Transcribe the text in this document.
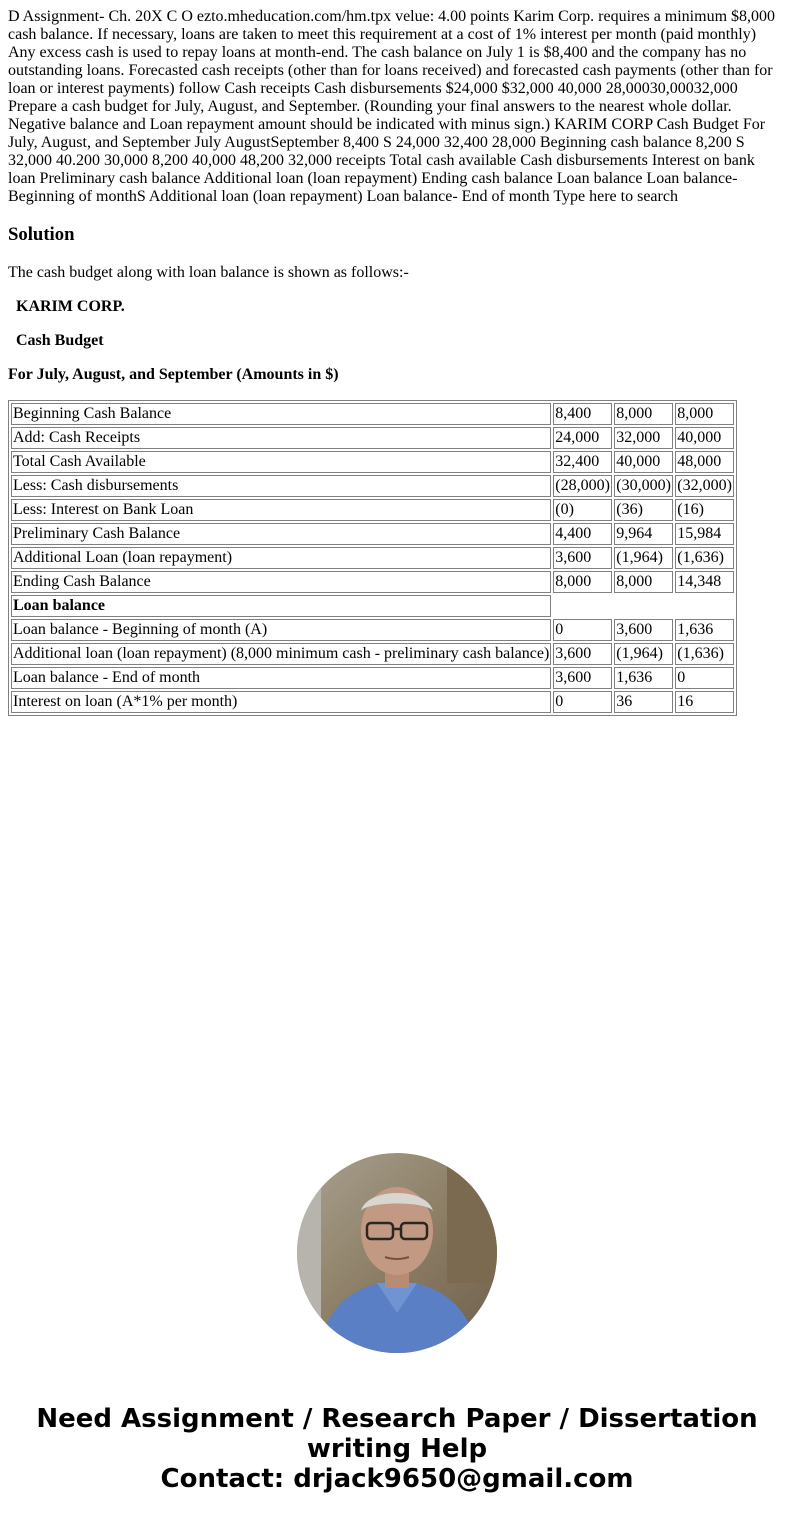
D Assignment- Ch. 20X C O ezto.mheducation.com/hm.tpx velue: 4.00 points Karim Corp. requires a minimum $8,000 cash balance. If necessary, loans are taken to meet this requirement at a cost of 1% interest per month (paid monthly) Any excess cash is used to repay loans at month-end. The cash balance on July 1 is $8,400 and the company has no outstanding loans. Forecasted cash receipts (other than for loans received) and forecasted cash payments (other than for loan or interest payments) follow Cash receipts Cash disbursements $24,000 $32,000 40,000 28,00030,00032,000 Prepare a cash budget for July, August, and September. (Rounding your final answers to the nearest whole dollar. Negative balance and Loan repayment amount should be indicated with minus sign.) KARIM CORP Cash Budget For July, August, and September July AugustSeptember 8,400 S 24,000 32,400 28,000 Beginning cash balance 8,200 S 32,000 40.200 30,000 8,200 40,000 48,200 32,000 receipts Total cash available Cash disbursements Interest on bank loan Preliminary cash balance Additional loan (loan repayment) Ending cash balance Loan balance Loan balance-Beginning of monthS Additional loan (loan repayment) Loan balance- End of month Type here to search

Solution

The cash budget along with loan balance is shown as follows:-

KARIM CORP.

Cash Budget

For July, August, and September (Amounts in $)

Beginning Cash Balance	8,400	8,000	8,000
Add: Cash Receipts	24,000	32,000	40,000
Total Cash Available	32,400	40,000	48,000
Less: Cash disbursements	(28,000)	(30,000)	(32,000)
Less: Interest on Bank Loan	(0)	(36)	(16)
Preliminary Cash Balance	4,400	9,964	15,984
Additional Loan (loan repayment)	3,600	(1,964)	(1,636)
Ending Cash Balance	8,000	8,000	14,348
Loan balance			
Loan balance - Beginning of month (A)	0	3,600	1,636
Additional loan (loan repayment) (8,000 minimum cash - preliminary cash balance)	3,600	(1,964)	(1,636)
Loan balance - End of month	3,600	1,636	0
Interest on loan (A*1% per month)	0	36	16
Need Assignment / Research Paper / Dissertation
writing Help
Contact: drjack9650@gmail.com
